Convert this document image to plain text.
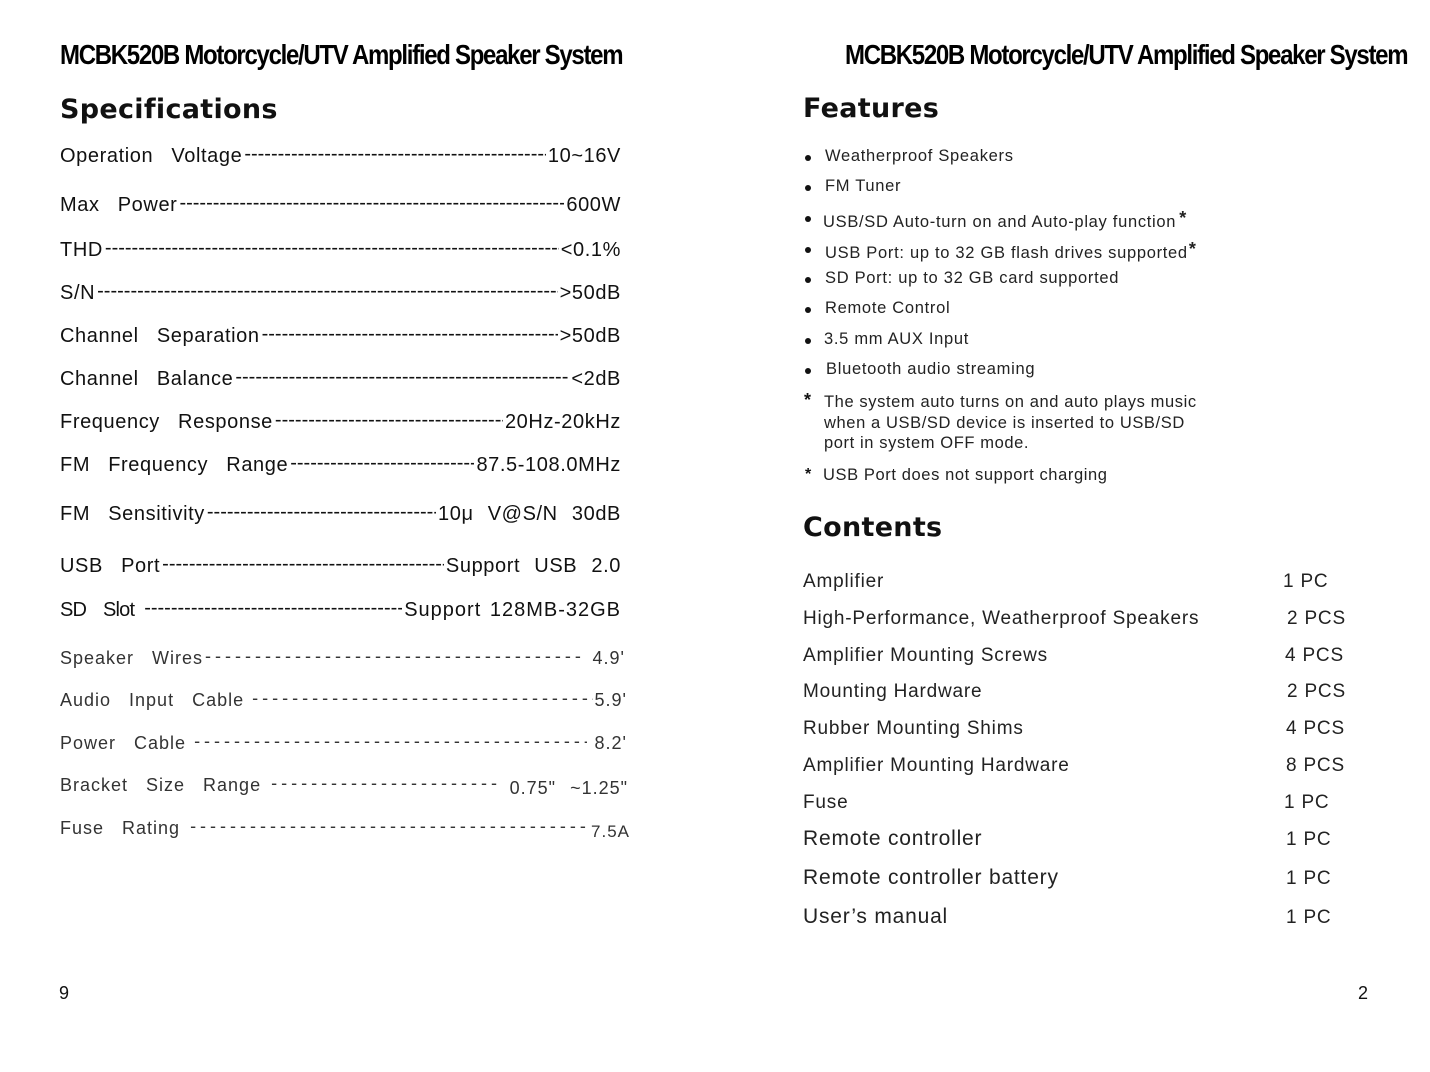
MCBK520B Motorcycle/UTV Amplified Speaker System
Specifications
Operation Voltage -----	10~16V
Max Power -----	600W
THD -----	<0.1%
S/N -----	>50dB
Channel Separation -----	>50dB
Channel Balance -----	<2dB
Frequency Response -----	20Hz-20kHz
FM Frequency Range -----	87.5-108.0MHz
FM Sensitivity -----	10μ V@S/N 30dB
USB Port -----	Support USB 2.0
SD Slot -----	Support 128MB-32GB
Speaker Wires -----	4.9'
Audio Input Cable -----	5.9'
Power Cable -----	8.2'
Bracket Size Range -----	0.75" ~1.25"
Fuse Rating -----	7.5A
9
MCBK520B Motorcycle/UTV Amplified Speaker System
Features
Weatherproof Speakers
FM Tuner
USB/SD Auto-turn on and Auto-play function *
USB Port: up to 32 GB flash drives supported*
SD Port: up to 32 GB card supported
Remote Control
3.5 mm AUX Input
Bluetooth audio streaming
* The system auto turns on and auto plays music
when a USB/SD device is inserted to USB/SD
port in system OFF mode.
* USB Port does not support charging
Contents
Amplifier	1 PC
High-Performance, Weatherproof Speakers	2 PCS
Amplifier Mounting Screws	4 PCS
Mounting Hardware	2 PCS
Rubber Mounting Shims	4 PCS
Amplifier Mounting Hardware	8 PCS
Fuse	1 PC
Remote controller	1 PC
Remote controller battery	1 PC
User’s manual	1 PC
2
